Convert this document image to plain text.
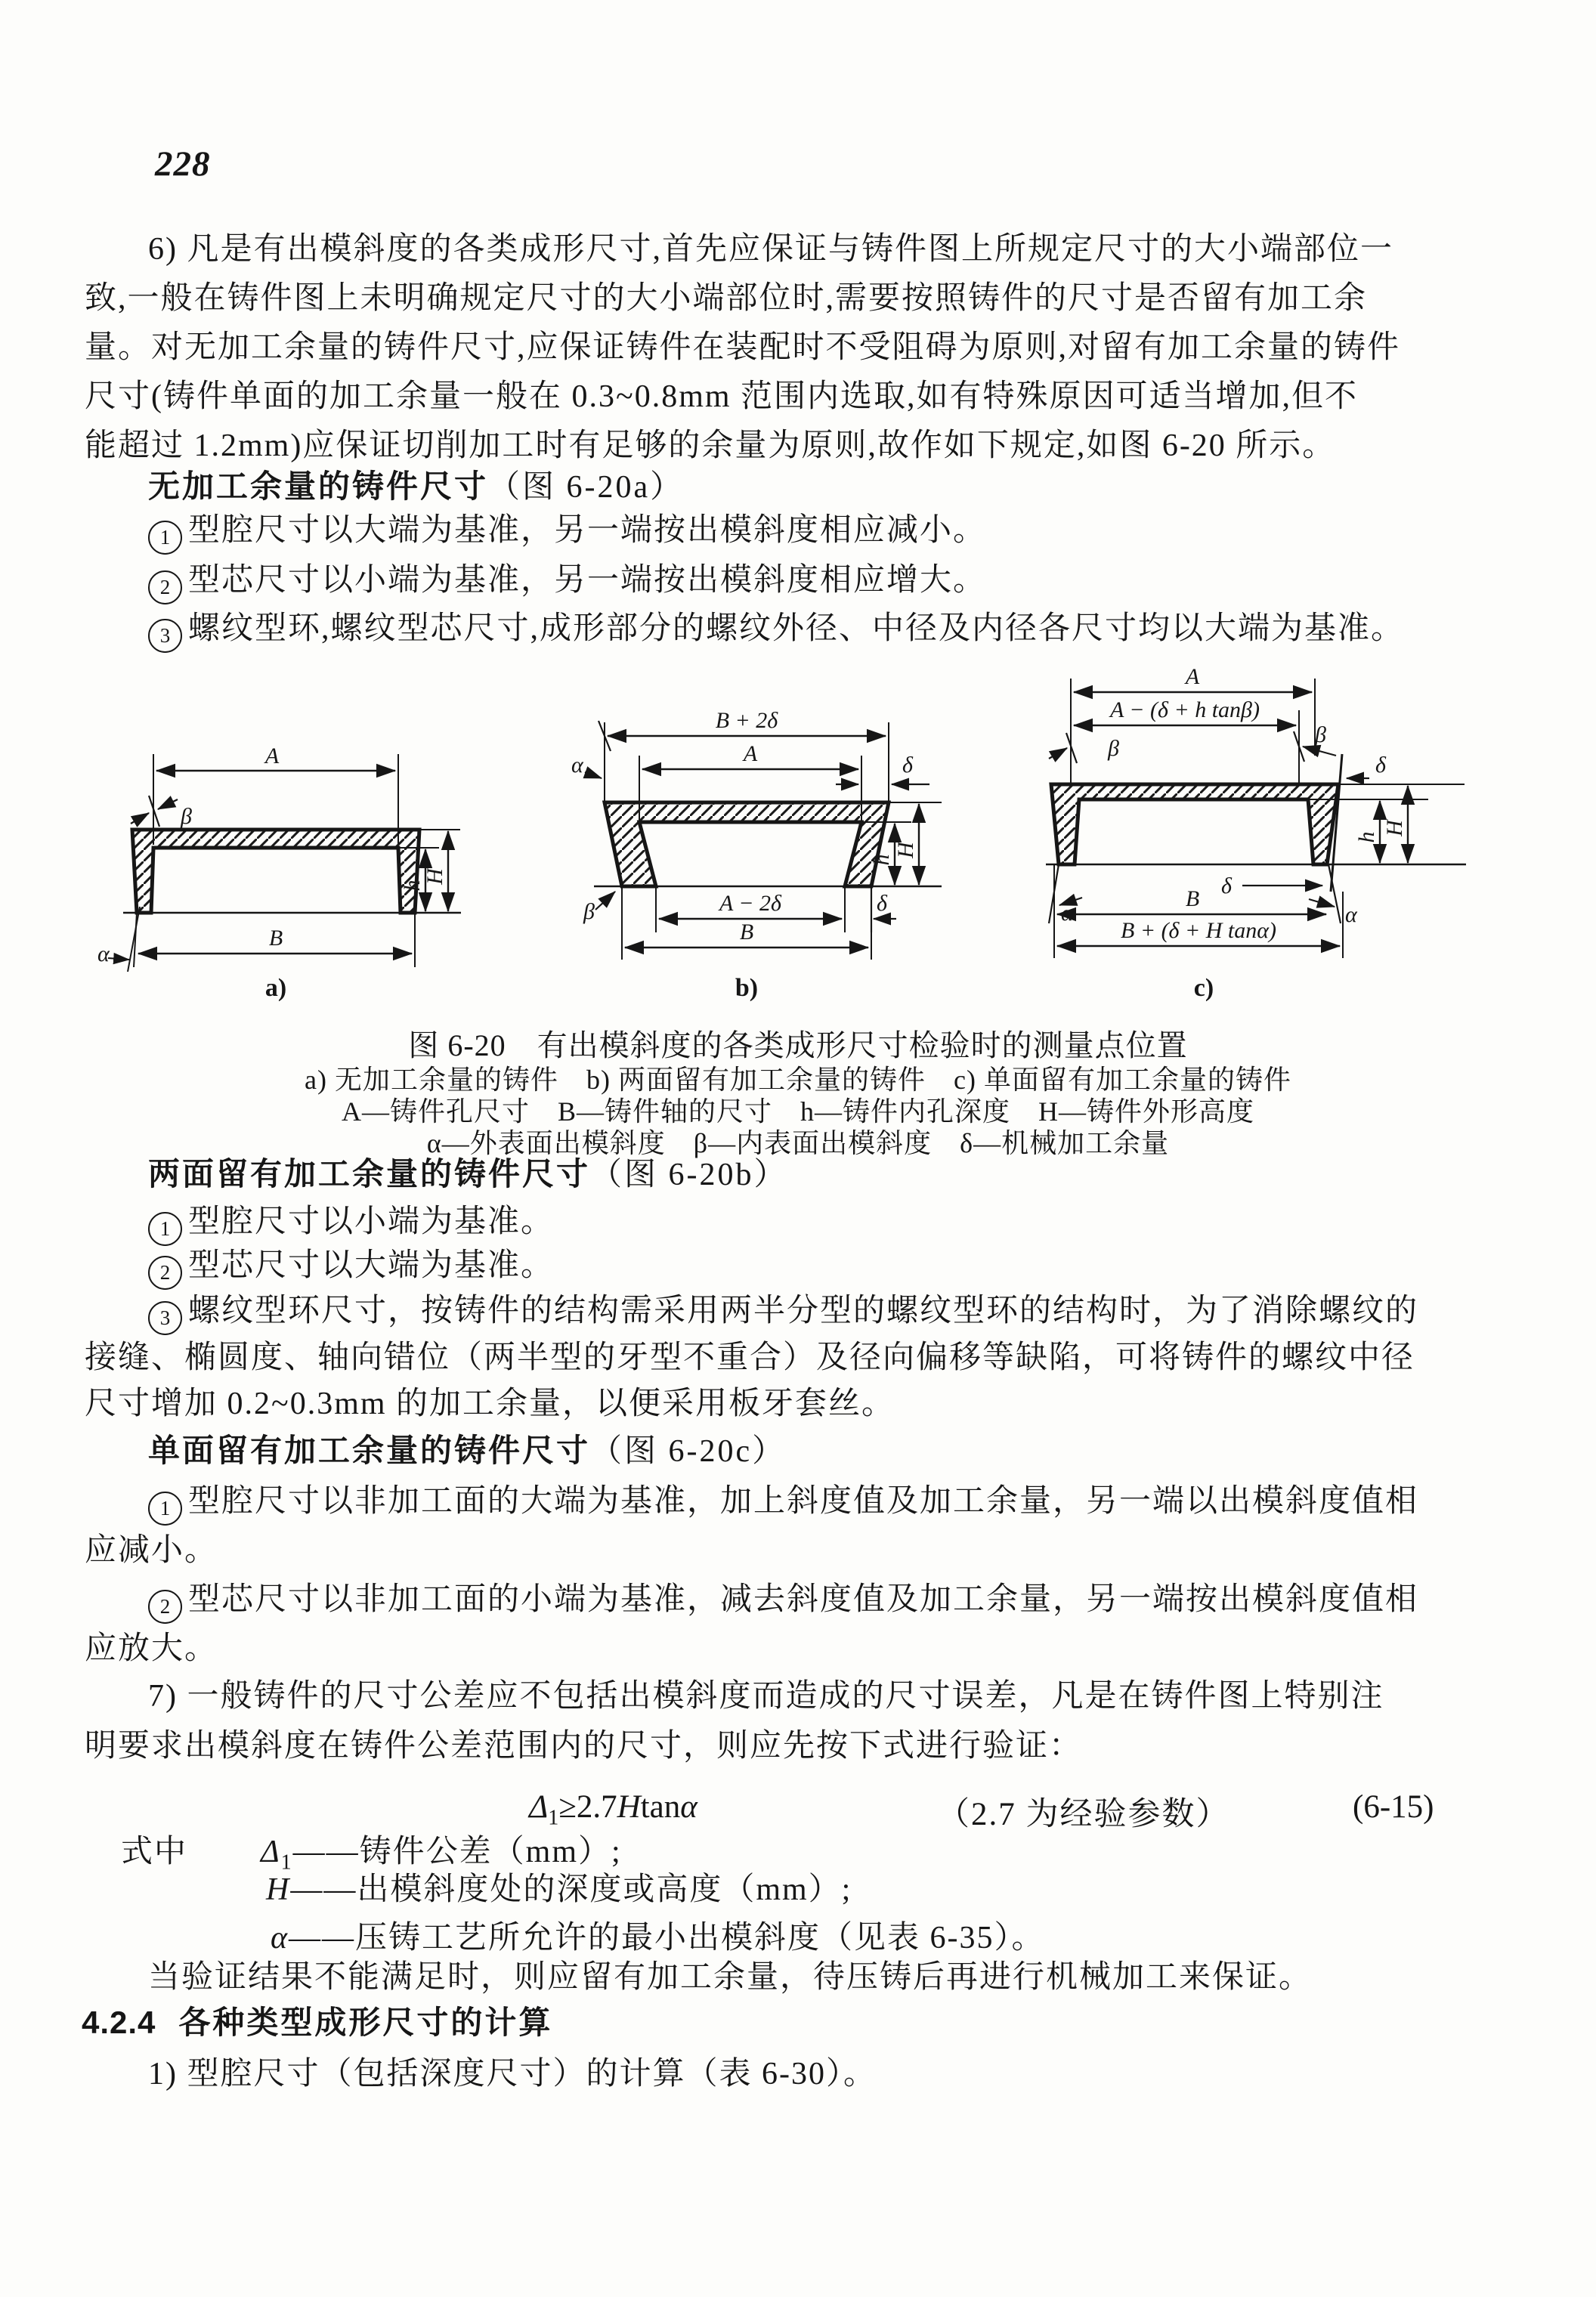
228
6) 凡是有出模斜度的各类成形尺寸,首先应保证与铸件图上所规定尺寸的大小端部位一
致,一般在铸件图上未明确规定尺寸的大小端部位时,需要按照铸件的尺寸是否留有加工余
量。对无加工余量的铸件尺寸,应保证铸件在装配时不受阻碍为原则,对留有加工余量的铸件
尺寸(铸件单面的加工余量一般在 0.3~0.8mm 范围内选取,如有特殊原因可适当增加,但不
能超过 1.2mm)应保证切削加工时有足够的余量为原则,故作如下规定,如图 6-20 所示。
无加工余量的铸件尺寸（图 6-20a）
1 型腔尺寸以大端为基准，另一端按出模斜度相应减小。
2 型芯尺寸以小端为基准，另一端按出模斜度相应增大。
3 螺纹型环,螺纹型芯尺寸,成形部分的螺纹外径、中径及内径各尺寸均以大端为基准。
A
β
B
α
h
H
a)
B + 2δ
A
α	δ
β	A − 2δ	δ
B
h
H
b)
A
A − (δ + h tanβ)
β
β
δ
h
H
δ
α	α
B
B + (δ + H tanα)
c)
图 6-20　有出模斜度的各类成形尺寸检验时的测量点位置
a) 无加工余量的铸件　b) 两面留有加工余量的铸件　c) 单面留有加工余量的铸件
A—铸件孔尺寸　B—铸件轴的尺寸　h—铸件内孔深度　H—铸件外形高度
α—外表面出模斜度　β—内表面出模斜度　δ—机械加工余量
两面留有加工余量的铸件尺寸（图 6-20b）
1 型腔尺寸以小端为基准。
2 型芯尺寸以大端为基准。
3 螺纹型环尺寸，按铸件的结构需采用两半分型的螺纹型环的结构时，为了消除螺纹的
接缝、椭圆度、轴向错位（两半型的牙型不重合）及径向偏移等缺陷，可将铸件的螺纹中径
尺寸增加 0.2~0.3mm 的加工余量，以便采用板牙套丝。
单面留有加工余量的铸件尺寸（图 6-20c）
1 型腔尺寸以非加工面的大端为基准，加上斜度值及加工余量，另一端以出模斜度值相
应减小。
2 型芯尺寸以非加工面的小端为基准，减去斜度值及加工余量，另一端按出模斜度值相
应放大。
7) 一般铸件的尺寸公差应不包括出模斜度而造成的尺寸误差，凡是在铸件图上特别注
明要求出模斜度在铸件公差范围内的尺寸，则应先按下式进行验证：
$\Delta_1\ge 2.7Htan\alpha$	（2.7 为经验参数）	(6-15)
式中 $\Delta_1——$铸件公差（mm）;
H——出模斜度处的深度或高度（mm）;
α——压铸工艺所允许的最小出模斜度（见表 6-35）。
当验证结果不能满足时，则应留有加工余量，待压铸后再进行机械加工来保证。
4.2.4 各种类型成形尺寸的计算
1) 型腔尺寸（包括深度尺寸）的计算（表 6-30）。
